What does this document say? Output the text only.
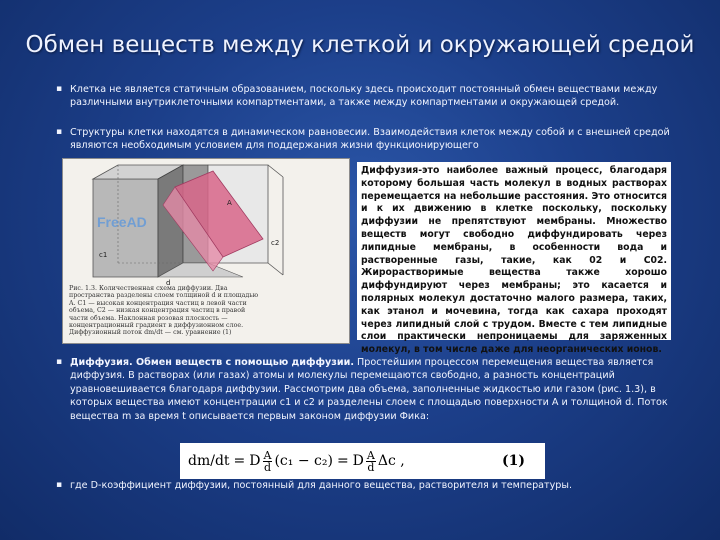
Обмен веществ между клеткой и окружающей средой
▪ Клетка не является статичным образованием, поскольку здесь происходит постоянный обмен веществами между различными внутриклеточными компартментами, а также между компартментами и окружающей средой.
▪ Структуры клетки находятся в динамическом равновесии. Взаимодействия клеток между собой и с внешней средой являются необходимым условием для поддержания жизни функционирующего
FreeAD
c1
c2
d
A
Рис. 1.3. Количественная схема диффузии. Два пространства разделены слоем толщиной d и площадью A. C1 — высокая концентрация частиц в левой части объема, C2 — низкая концентрация частиц в правой части объема. Наклонная розовая плоскость — концентрационный градиент в диффузионном слое. Диффузионный поток dm/dt — см. уравнение (1)
Диффузия-это наиболее важный процесс, благодаря которому большая часть молекул в водных растворах перемещается на небольшие расстояния. Это относится и к их движению в клетке поскольку, поскольку диффузии не препятствуют мембраны. Множество веществ могут свободно диффундировать через липидные мембраны, в особенности вода и растворенные газы, такие, как 02 и С02. Жирорастворимые вещества также хорошо диффундируют через мембраны; это касается и полярных молекул достаточно малого размера, таких, как этанол и мочевина, тогда как сахара проходят через липидный слой с трудом. Вместе с тем липидные слои практически непроницаемы для заряженных молекул, в том числе даже для неорганических ионов.
▪ Диффузия. Обмен веществ с помощью диффузии. Простейшим процессом перемещения вещества является диффузия. В растворах (или газах) атомы и молекулы перемещаются свободно, а разность концентраций уравновешивается благодаря диффузии. Рассмотрим два объема, заполненные жидкостью или газом (рис. 1.3), в которых вещества имеют концентрации c1 и c2 и разделены слоем с площадью поверхности А и толщиной d. Поток вещества m за время t описывается первым законом диффузии Фика:
dm/dt = D $\frac{A}{d} (c_1 - c_2) = D \frac{A}{d}$ Δc ,	(1)
▪ где D-коэффициент диффузии, постоянный для данного вещества, растворителя и температуры.
